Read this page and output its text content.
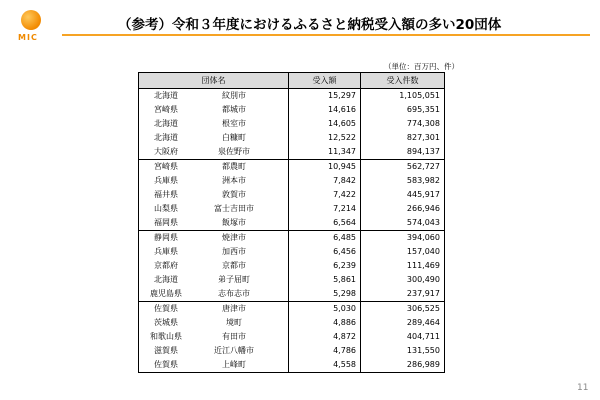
MIC
（参考）令和３年度におけるふるさと納税受入額の多い20団体
（単位：百万円、件）
団体名	受入額	受入件数
北海道 紋別市	15,297	1,105,051
宮崎県 都城市	14,616	695,351
北海道 根室市	14,605	774,308
北海道 白糠町	12,522	827,301
大阪府 泉佐野市	11,347	894,137
宮崎県 都農町	10,945	562,727
兵庫県 洲本市	7,842	583,982
福井県 敦賀市	7,422	445,917
山梨県 富士吉田市	7,214	266,946
福岡県 飯塚市	6,564	574,043
静岡県 焼津市	6,485	394,060
兵庫県 加西市	6,456	157,040
京都府 京都市	6,239	111,469
北海道 弟子屈町	5,861	300,490
鹿児島県 志布志市	5,298	237,917
佐賀県 唐津市	5,030	306,525
茨城県 境町	4,886	289,464
和歌山県 有田市	4,872	404,711
滋賀県 近江八幡市	4,786	131,550
佐賀県 上峰町	4,558	286,989
11
